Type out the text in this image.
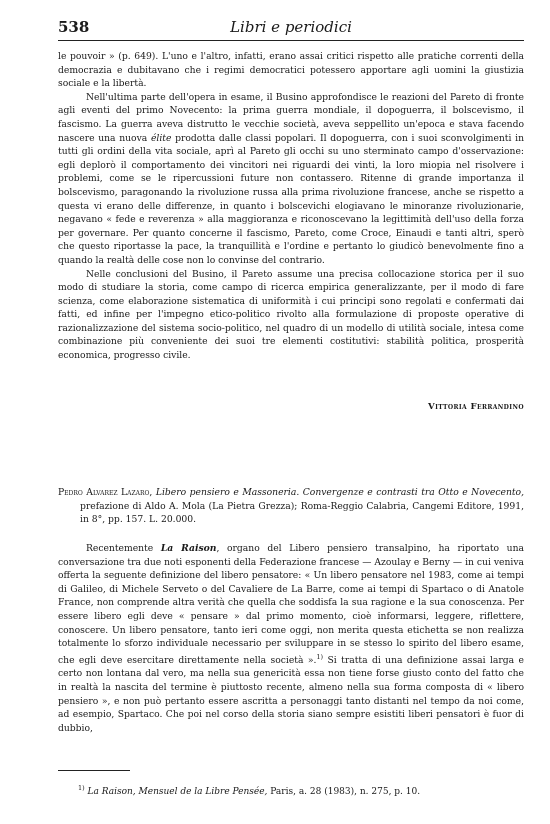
538	Libri e periodici

le pouvoir » (p. 649). L'uno e l'altro, infatti, erano assai critici rispetto alle pratiche correnti della democrazia e dubitavano che i regimi democratici potessero apportare agli uomini la giustizia sociale e la libertà.

Nell'ultima parte dell'opera in esame, il Busino approfondisce le reazioni del Pareto di fronte agli eventi del primo Novecento: la prima guerra mondiale, il dopoguerra, il bolscevismo, il fascismo. La guerra aveva distrutto le vecchie società, aveva seppellito un'epoca e stava facendo nascere una nuova élite prodotta dalle classi popolari. Il dopoguerra, con i suoi sconvolgimenti in tutti gli ordini della vita sociale, aprì al Pareto gli occhi su uno sterminato campo d'osservazione: egli deplorò il comportamento dei vincitori nei riguardi dei vinti, la loro miopia nel risolvere i problemi, come se le ripercussioni future non contassero. Ritenne di grande importanza il bolscevismo, paragonando la rivoluzione russa alla prima rivoluzione francese, anche se rispetto a questa vi erano delle differenze, in quanto i bolscevichi elogiavano le minoranze rivoluzionarie, negavano « fede e reverenza » alla maggioranza e riconoscevano la legittimità dell'uso della forza per governare. Per quanto concerne il fascismo, Pareto, come Croce, Einaudi e tanti altri, sperò che questo riportasse la pace, la tranquillità e l'ordine e pertanto lo giudicò benevolmente fino a quando la realtà delle cose non lo convinse del contrario.

Nelle conclusioni del Busino, il Pareto assume una precisa collocazione storica per il suo modo di studiare la storia, come campo di ricerca empirica generalizzante, per il modo di fare scienza, come elaborazione sistematica di uniformità i cui principi sono regolati e confermati dai fatti, ed infine per l'impegno etico-politico rivolto alla formulazione di proposte operative di razionalizzazione del sistema socio-politico, nel quadro di un modello di utilità sociale, intesa come combinazione più conveniente dei suoi tre elementi costitutivi: stabilità politica, prosperità economica, progresso civile.

Vittoria Ferrandino
Pedro Alvarez Lazaro, Libero pensiero e Massoneria. Convergenze e contrasti tra Otto e Novecento, prefazione di Aldo A. Mola (La Pietra Grezza); Roma-Reggio Calabria, Cangemi Editore, 1991, in 8°, pp. 157. L. 20.000.

Recentemente La Raison, organo del Libero pensiero transalpino, ha riportato una conversazione tra due noti esponenti della Federazione francese — Azoulay e Berny — in cui veniva offerta la seguente definizione del libero pensatore: « Un libero pensatore nel 1983, come ai tempi di Galileo, di Michele Serveto o del Cavaliere de La Barre, come ai tempi di Spartaco o di Anatole France, non comprende altra verità che quella che soddisfa la sua ragione e la sua conoscenza. Per essere libero egli deve « pensare » dal primo momento, cioè informarsi, leggere, riflettere, conoscere. Un libero pensatore, tanto ieri come oggi, non merita questa etichetta se non realizza totalmente lo sforzo individuale necessario per sviluppare in se stesso lo spirito del libero esame, che egli deve esercitare direttamente nella società ».$^{1)}$ Si tratta di una definizione assai larga e certo non lontana dal vero, ma nella sua genericità essa non tiene forse giusto conto del fatto che in realtà la nascita del termine è piuttosto recente, almeno nella sua forma composta di « libero pensiero », e non può pertanto essere ascritta a personaggi tanto distanti nel tempo da noi come, ad esempio, Spartaco. Che poi nel corso della storia siano sempre esistiti liberi pensatori è fuor di dubbio,

$^{1)}$ La Raison, Mensuel de la Libre Pensée, Paris, a. 28 (1983), n. 275, p. 10.
